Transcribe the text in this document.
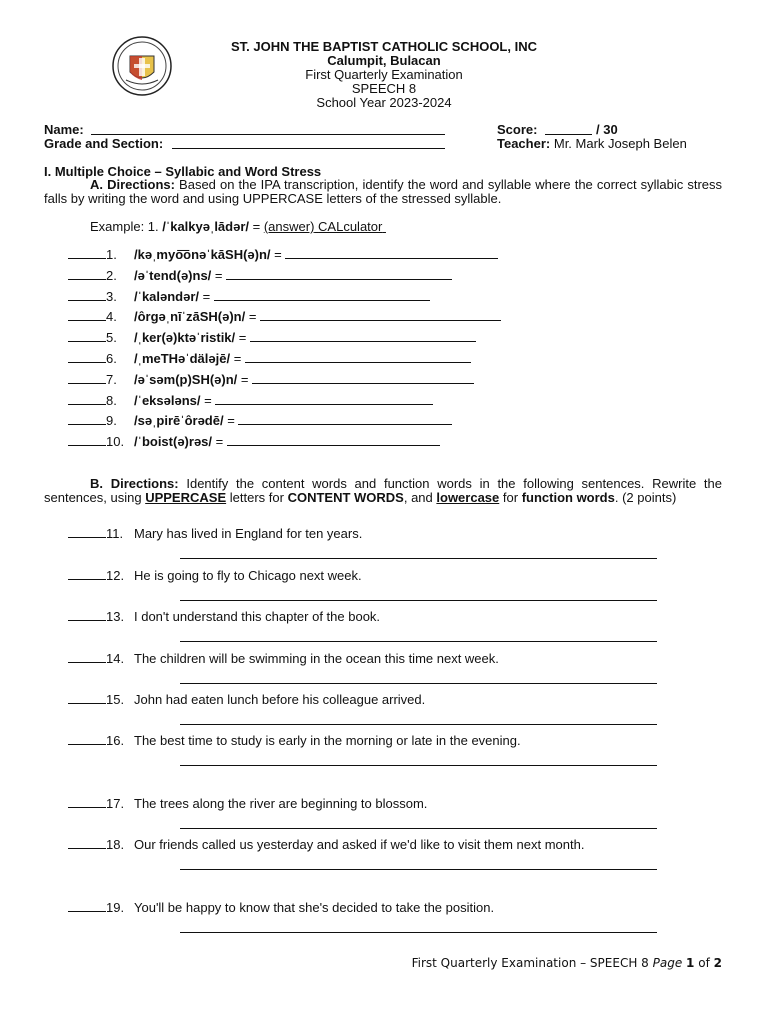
ST. JOHN THE BAPTIST CATHOLIC SCHOOL, INC
Calumpit, Bulacan
First Quarterly Examination
SPEECH 8
School Year 2023-2024
Name:
Grade and Section:
Score:	/ 30
Teacher: Mr. Mark Joseph Belen
I. Multiple Choice – Syllabic and Word Stress
A. Directions: Based on the IPA transcription, identify the word and syllable where the correct syllabic stress falls by writing the word and using UPPERCASE letters of the stressed syllable.
Example: 1. /ˈkalkyəˌlādər/ = (answer) CALculator
1. /kəˌmyo͞onəˈkāSH(ə)n/ =
2. /əˈtend(ə)ns/ =
3. /ˈkaləndər/ =
4. /ôrgəˌnīˈzāSH(ə)n/ =
5. /ˌker(ə)ktəˈristik/ =
6. /ˌmeTHəˈdäləjē/ =
7. /əˈsəm(p)SH(ə)n/ =
8. /ˈeksələns/ =
9. /səˌpirēˈôrədē/ =
10. /ˈboist(ə)rəs/ =
B. Directions: Identify the content words and function words in the following sentences. Rewrite the sentences, using UPPERCASE letters for CONTENT WORDS, and lowercase for function words. (2 points)
11. Mary has lived in England for ten years.
12. He is going to fly to Chicago next week.
13. I don't understand this chapter of the book.
14. The children will be swimming in the ocean this time next week.
15. John had eaten lunch before his colleague arrived.
16. The best time to study is early in the morning or late in the evening.
17. The trees along the river are beginning to blossom.
18. Our friends called us yesterday and asked if we'd like to visit them next month.
19. You'll be happy to know that she's decided to take the position.
First Quarterly Examination – SPEECH 8 Page 1 of 2
